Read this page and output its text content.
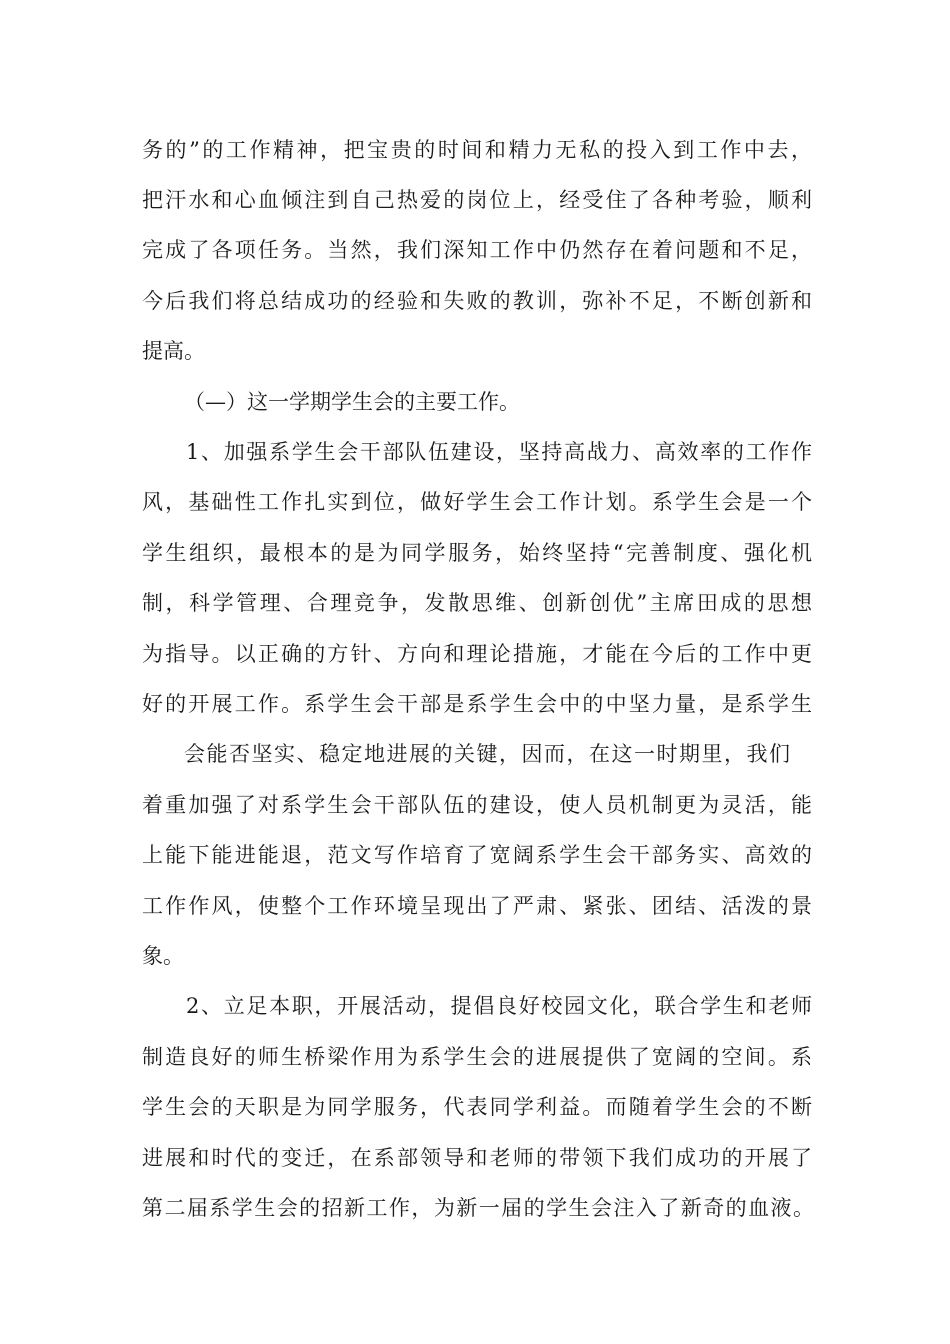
务的”的工作精神，把宝贵的时间和精力无私的投入到工作中去，
把汗水和心血倾注到自己热爱的岗位上，经受住了各种考验，顺利
完成了各项任务。当然，我们深知工作中仍然存在着问题和不足，
今后我们将总结成功的经验和失败的教训，弥补不足，不断创新和
提高。
（—）这一学期学生会的主要工作。
1、加强系学生会干部队伍建设，坚持高战力、高效率的工作作
风，基础性工作扎实到位，做好学生会工作计划。系学生会是一个
学生组织，最根本的是为同学服务，始终坚持“完善制度、强化机
制，科学管理、合理竞争，发散思维、创新创优”主席田成的思想
为指导。以正确的方针、方向和理论措施，才能在今后的工作中更
好的开展工作。系学生会干部是系学生会中的中坚力量，是系学生
会能否坚实、稳定地进展的关键，因而，在这一时期里，我们
着重加强了对系学生会干部队伍的建设，使人员机制更为灵活，能
上能下能进能退，范文写作培育了宽阔系学生会干部务实、高效的
工作作风，使整个工作环境呈现出了严肃、紧张、团结、活泼的景
象。
2、立足本职，开展活动，提倡良好校园文化，联合学生和老师
制造良好的师生桥梁作用为系学生会的进展提供了宽阔的空间。系
学生会的天职是为同学服务，代表同学利益。而随着学生会的不断
进展和时代的变迁，在系部领导和老师的带领下我们成功的开展了
第二届系学生会的招新工作，为新一届的学生会注入了新奇的血液。
